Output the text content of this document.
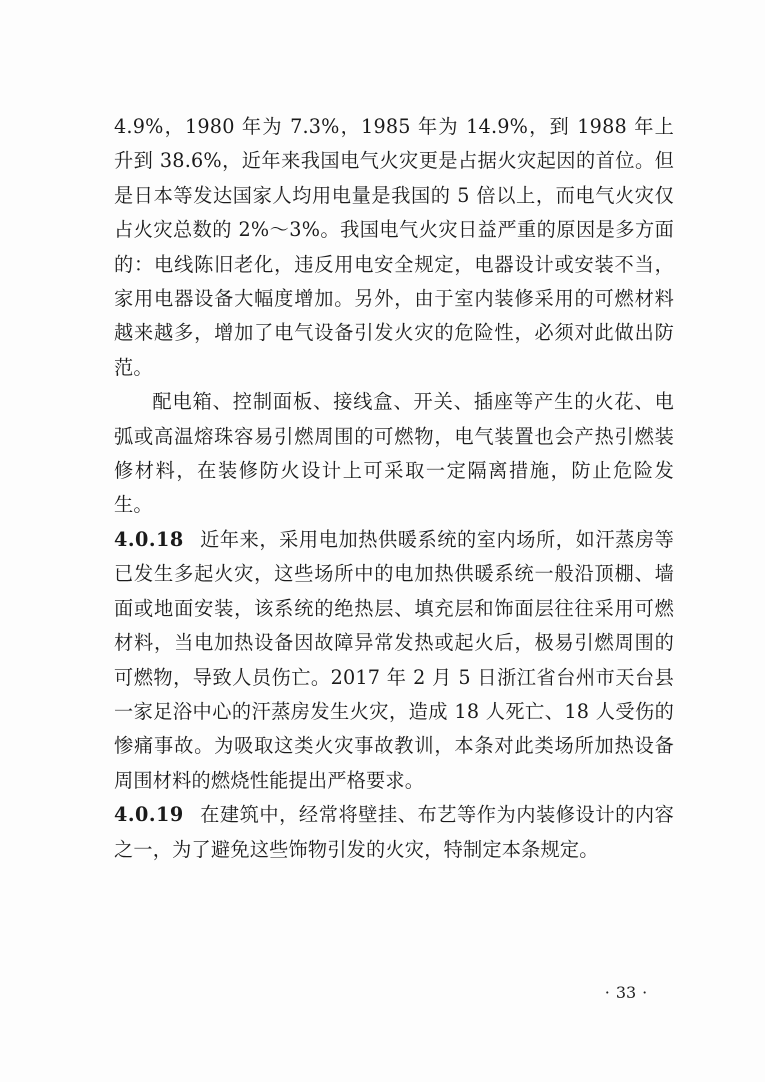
4.9%，1980 年为 7.3%，1985 年为 14.9%，到 1988 年上升到 38.6%，近年来我国电气火灾更是占据火灾起因的首位。但是日本等发达国家人均用电量是我国的 5 倍以上，而电气火灾仅占火灾总数的 2%～3%。我国电气火灾日益严重的原因是多方面的：电线陈旧老化，违反用电安全规定，电器设计或安装不当，家用电器设备大幅度增加。另外，由于室内装修采用的可燃材料越来越多，增加了电气设备引发火灾的危险性，必须对此做出防范。

配电箱、控制面板、接线盒、开关、插座等产生的火花、电弧或高温熔珠容易引燃周围的可燃物，电气装置也会产热引燃装修材料，在装修防火设计上可采取一定隔离措施，防止危险发生。

4.0.18 近年来，采用电加热供暖系统的室内场所，如汗蒸房等已发生多起火灾，这些场所中的电加热供暖系统一般沿顶棚、墙面或地面安装，该系统的绝热层、填充层和饰面层往往采用可燃材料，当电加热设备因故障异常发热或起火后，极易引燃周围的可燃物，导致人员伤亡。2017 年 2 月 5 日浙江省台州市天台县一家足浴中心的汗蒸房发生火灾，造成 18 人死亡、18 人受伤的惨痛事故。为吸取这类火灾事故教训，本条对此类场所加热设备周围材料的燃烧性能提出严格要求。

4.0.19 在建筑中，经常将壁挂、布艺等作为内装修设计的内容之一，为了避免这些饰物引发的火灾，特制定本条规定。

· 33 ·
